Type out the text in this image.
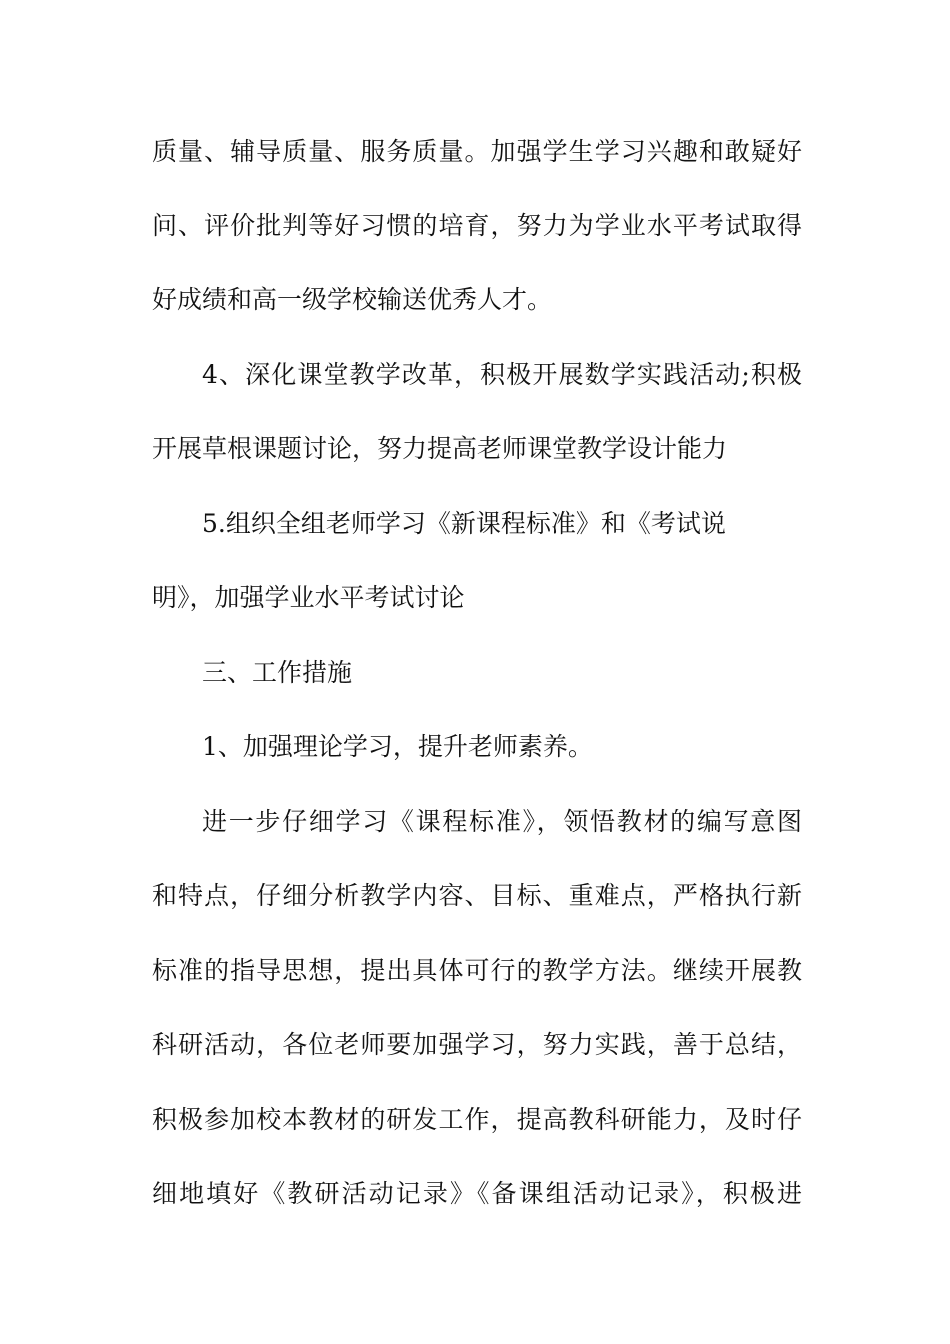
质量、辅导质量、服务质量。加强学生学习兴趣和敢疑好
问、评价批判等好习惯的培育，努力为学业水平考试取得
好成绩和高一级学校输送优秀人才。
4、深化课堂教学改革，积极开展数学实践活动;积极
开展草根课题讨论，努力提高老师课堂教学设计能力
5.组织全组老师学习《新课程标准》和《考试说
明》，加强学业水平考试讨论
三、工作措施
1、加强理论学习，提升老师素养。
进一步仔细学习《课程标准》，领悟教材的编写意图
和特点，仔细分析教学内容、目标、重难点，严格执行新
标准的指导思想，提出具体可行的教学方法。继续开展教
科研活动，各位老师要加强学习，努力实践，善于总结，
积极参加校本教材的研发工作，提高教科研能力，及时仔
细地填好《教研活动记录》《备课组活动记录》，积极进
